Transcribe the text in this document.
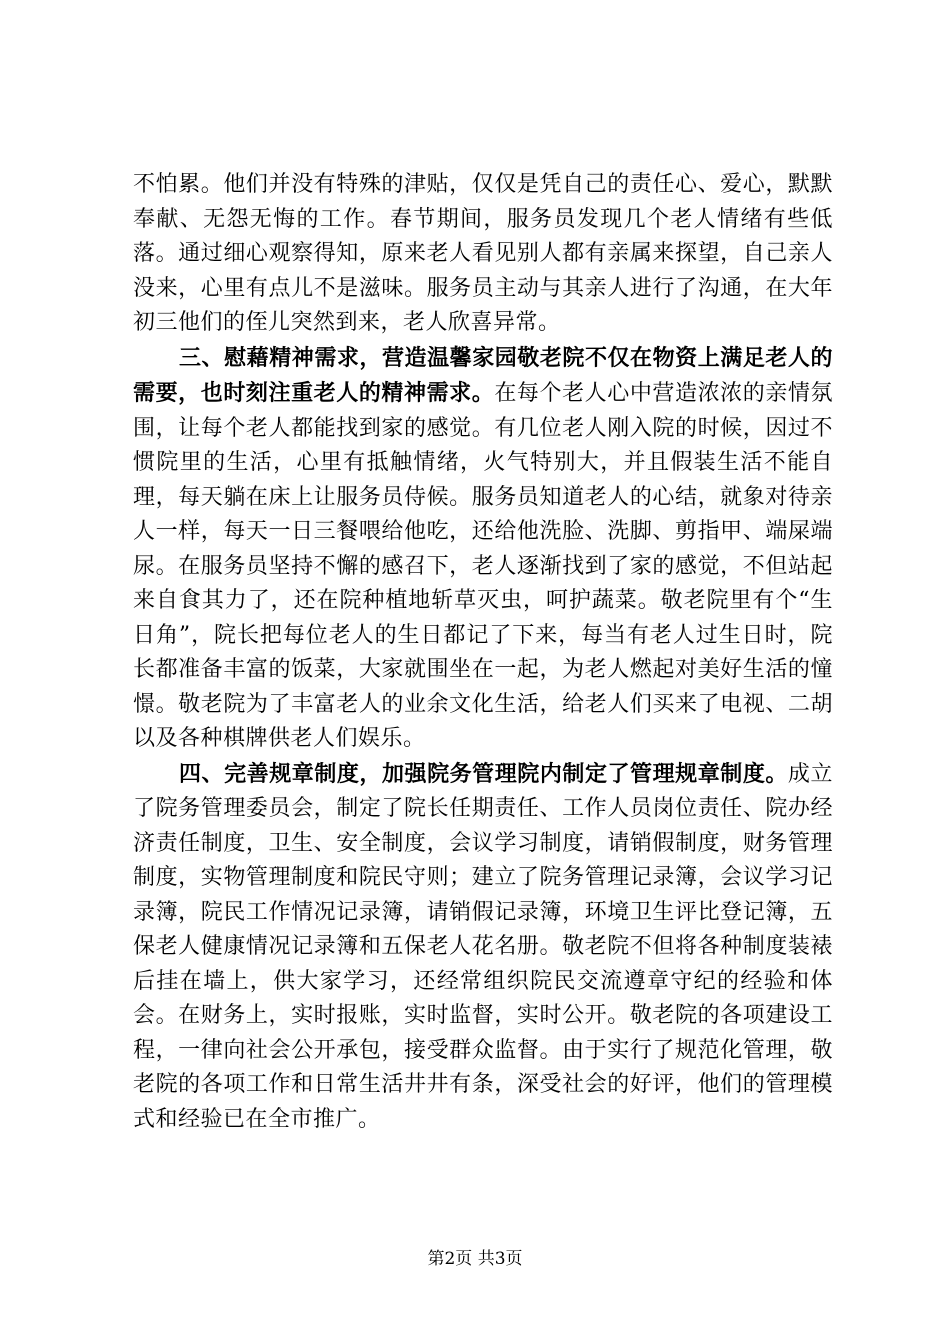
不怕累。他们并没有特殊的津贴，仅仅是凭自己的责任心、爱心，默默奉献、无怨无悔的工作。春节期间，服务员发现几个老人情绪有些低落。通过细心观察得知，原来老人看见别人都有亲属来探望，自己亲人没来，心里有点儿不是滋味。服务员主动与其亲人进行了沟通，在大年初三他们的侄儿突然到来，老人欣喜异常。

三、慰藉精神需求，营造温馨家园敬老院不仅在物资上满足老人的需要，也时刻注重老人的精神需求。在每个老人心中营造浓浓的亲情氛围，让每个老人都能找到家的感觉。有几位老人刚入院的时候，因过不惯院里的生活，心里有抵触情绪，火气特别大，并且假装生活不能自理，每天躺在床上让服务员侍候。服务员知道老人的心结，就象对待亲人一样，每天一日三餐喂给他吃，还给他洗脸、洗脚、剪指甲、端屎端尿。在服务员坚持不懈的感召下，老人逐渐找到了家的感觉，不但站起来自食其力了，还在院种植地斩草灭虫，呵护蔬菜。敬老院里有个“生日角”，院长把每位老人的生日都记了下来，每当有老人过生日时，院长都准备丰富的饭菜，大家就围坐在一起，为老人燃起对美好生活的憧憬。敬老院为了丰富老人的业余文化生活，给老人们买来了电视、二胡以及各种棋牌供老人们娱乐。

四、完善规章制度，加强院务管理院内制定了管理规章制度。成立了院务管理委员会，制定了院长任期责任、工作人员岗位责任、院办经济责任制度，卫生、安全制度，会议学习制度，请销假制度，财务管理制度，实物管理制度和院民守则；建立了院务管理记录簿，会议学习记录簿，院民工作情况记录簿，请销假记录簿，环境卫生评比登记簿，五保老人健康情况记录簿和五保老人花名册。敬老院不但将各种制度装裱后挂在墙上，供大家学习，还经常组织院民交流遵章守纪的经验和体会。在财务上，实时报账，实时监督，实时公开。敬老院的各项建设工程，一律向社会公开承包，接受群众监督。由于实行了规范化管理，敬老院的各项工作和日常生活井井有条，深受社会的好评，他们的管理模式和经验已在全市推广。

第2页 共3页
